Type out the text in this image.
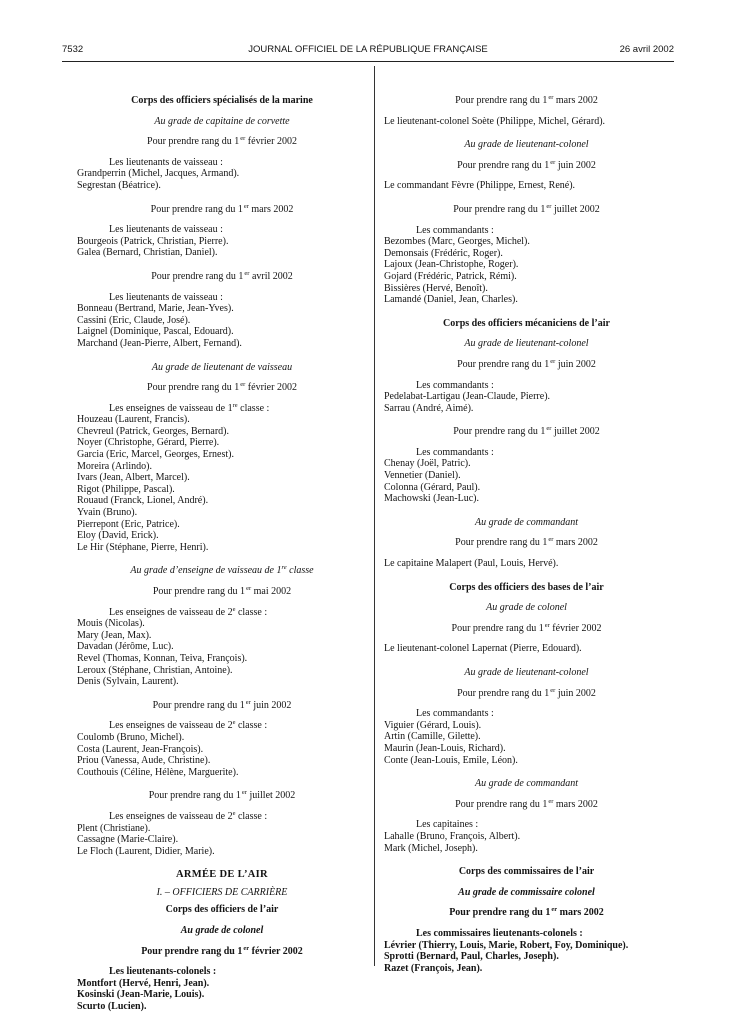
7532	JOURNAL OFFICIEL DE LA RÉPUBLIQUE FRANÇAISE	26 avril 2002
Corps des officiers spécialisés de la marine
Au grade de capitaine de corvette
Pour prendre rang du 1er février 2002
Les lieutenants de vaisseau :
Grandperrin (Michel, Jacques, Armand).
Segrestan (Béatrice).
Pour prendre rang du 1er mars 2002
Les lieutenants de vaisseau :
Bourgeois (Patrick, Christian, Pierre).
Galea (Bernard, Christian, Daniel).
Pour prendre rang du 1er avril 2002
Les lieutenants de vaisseau :
Bonneau (Bertrand, Marie, Jean-Yves).
Cassini (Eric, Claude, José).
Laignel (Dominique, Pascal, Edouard).
Marchand (Jean-Pierre, Albert, Fernand).
Au grade de lieutenant de vaisseau
Pour prendre rang du 1er février 2002
Les enseignes de vaisseau de 1re classe :
Houzeau (Laurent, Francis).
Chevreul (Patrick, Georges, Bernard).
Noyer (Christophe, Gérard, Pierre).
Garcia (Eric, Marcel, Georges, Ernest).
Moreira (Arlindo).
Ivars (Jean, Albert, Marcel).
Rigot (Philippe, Pascal).
Rouaud (Franck, Lionel, André).
Yvain (Bruno).
Pierrepont (Eric, Patrice).
Eloy (David, Erick).
Le Hir (Stéphane, Pierre, Henri).
Au grade d’enseigne de vaisseau de 1re classe
Pour prendre rang du 1er mai 2002
Les enseignes de vaisseau de 2e classe :
Mouis (Nicolas).
Mary (Jean, Max).
Davadan (Jérôme, Luc).
Revel (Thomas, Konnan, Teiva, François).
Leroux (Stéphane, Christian, Antoine).
Denis (Sylvain, Laurent).
Pour prendre rang du 1er juin 2002
Les enseignes de vaisseau de 2e classe :
Coulomb (Bruno, Michel).
Costa (Laurent, Jean-François).
Priou (Vanessa, Aude, Christine).
Couthouis (Céline, Hélène, Marguerite).
Pour prendre rang du 1er juillet 2002
Les enseignes de vaisseau de 2e classe :
Plent (Christiane).
Cassagne (Marie-Claire).
Le Floch (Laurent, Didier, Marie).
ARMÉE DE L’AIR
I. – OFFICIERS DE CARRIÈRE
Corps des officiers de l’air
Au grade de colonel
Pour prendre rang du 1er février 2002
Les lieutenants-colonels :
Montfort (Hervé, Henri, Jean).
Kosinski (Jean-Marie, Louis).
Scurto (Lucien).
Pour prendre rang du 1er mars 2002
Le lieutenant-colonel Soète (Philippe, Michel, Gérard).
Au grade de lieutenant-colonel
Pour prendre rang du 1er juin 2002
Le commandant Fèvre (Philippe, Ernest, René).
Pour prendre rang du 1er juillet 2002
Les commandants :
Bezombes (Marc, Georges, Michel).
Demonsais (Frédéric, Roger).
Lajoux (Jean-Christophe, Roger).
Gojard (Frédéric, Patrick, Rémi).
Bissières (Hervé, Benoît).
Lamandé (Daniel, Jean, Charles).
Corps des officiers mécaniciens de l’air
Au grade de lieutenant-colonel
Pour prendre rang du 1er juin 2002
Les commandants :
Pedelabat-Lartigau (Jean-Claude, Pierre).
Sarrau (André, Aimé).
Pour prendre rang du 1er juillet 2002
Les commandants :
Chenay (Joël, Patric).
Vennetier (Daniel).
Colonna (Gérard, Paul).
Machowski (Jean-Luc).
Au grade de commandant
Pour prendre rang du 1er mars 2002
Le capitaine Malapert (Paul, Louis, Hervé).
Corps des officiers des bases de l’air
Au grade de colonel
Pour prendre rang du 1er février 2002
Le lieutenant-colonel Lapernat (Pierre, Edouard).
Au grade de lieutenant-colonel
Pour prendre rang du 1er juin 2002
Les commandants :
Viguier (Gérard, Louis).
Artin (Camille, Gilette).
Maurin (Jean-Louis, Richard).
Conte (Jean-Louis, Emile, Léon).
Au grade de commandant
Pour prendre rang du 1er mars 2002
Les capitaines :
Lahalle (Bruno, François, Albert).
Mark (Michel, Joseph).
Corps des commissaires de l’air
Au grade de commissaire colonel
Pour prendre rang du 1er mars 2002
Les commissaires lieutenants-colonels :
Lévrier (Thierry, Louis, Marie, Robert, Foy, Dominique).
Sprotti (Bernard, Paul, Charles, Joseph).
Razet (François, Jean).
